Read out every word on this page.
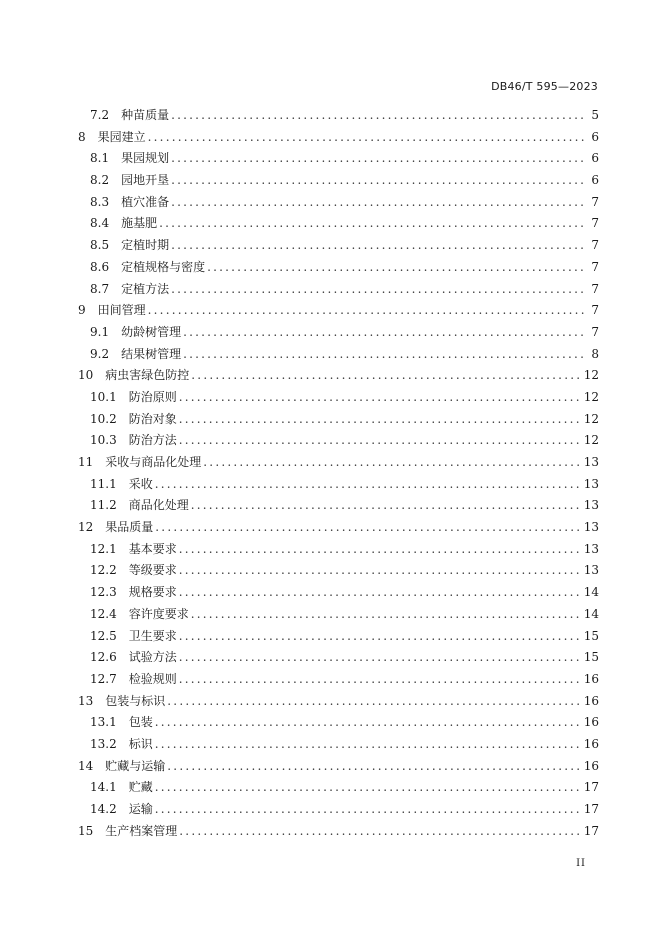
DB46/T 595—2023
7.2 种苗质量 .....	5
8 果园建立 .....	6
8.1 果园规划 .....	6
8.2 园地开垦 .....	6
8.3 植穴准备 .....	7
8.4 施基肥 .....	7
8.5 定植时期 .....	7
8.6 定植规格与密度 .....	7
8.7 定植方法 .....	7
9 田间管理 .....	7
9.1 幼龄树管理 .....	7
9.2 结果树管理 .....	8
10 病虫害绿色防控 .....	12
10.1 防治原则 .....	12
10.2 防治对象 .....	12
10.3 防治方法 .....	12
11 采收与商品化处理 .....	13
11.1 采收 .....	13
11.2 商品化处理 .....	13
12 果品质量 .....	13
12.1 基本要求 .....	13
12.2 等级要求 .....	13
12.3 规格要求 .....	14
12.4 容许度要求 .....	14
12.5 卫生要求 .....	15
12.6 试验方法 .....	15
12.7 检验规则 .....	16
13 包装与标识 .....	16
13.1 包装 .....	16
13.2 标识 .....	16
14 贮藏与运输 .....	16
14.1 贮藏 .....	17
14.2 运输 .....	17
15 生产档案管理 .....	17
II
